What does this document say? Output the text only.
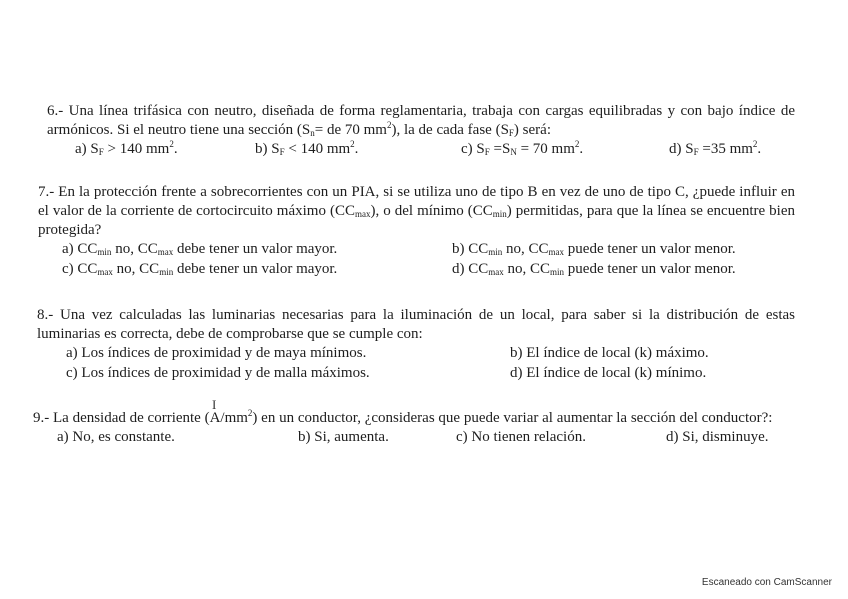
6.- Una línea trifásica con neutro, diseñada de forma reglamentaria, trabaja con cargas equilibradas y con bajo índice de armónicos. Si el neutro tiene una sección ($S_n=$ de 70 $mm^2$), la de cada fase $(S_F)$ será:
a) $S_F > 140$ $mm^2$.	b) $S_F < 140$ $mm^2$.	c) $S_F =S_N = 70$ $mm^2$.	d) $S_F =35$ $mm^2$.
7.- En la protección frente a sobrecorrientes con un PIA, si se utiliza uno de tipo B en vez de uno de tipo C, ¿puede influir en el valor de la corriente de cortocircuito máximo $(CC_{max})$, o del mínimo $(CC_{min})$ permitidas, para que la línea se encuentre bien protegida?
a) $CC_{min}$ no, $CC_{max}$ debe tener un valor mayor.	b) $CC_{min}$ no, $CC_{max}$ puede tener un valor menor.
c) $CC_{max}$ no, $CC_{min}$ debe tener un valor mayor.	d) $CC_{max}$ no, $CC_{min}$ puede tener un valor menor.
8.- Una vez calculadas las luminarias necesarias para la iluminación de un local, para saber si la distribución de estas luminarias es correcta, debe de comprobarse que se cumple con:
a) Los índices de proximidad y de maya mínimos.	b) El índice de local (k) máximo.
c) Los índices de proximidad y de malla máximos.	d) El índice de local (k) mínimo.
9.- La densidad de corriente $(A/mm^2)$ en un conductor, ¿consideras que puede variar al aumentar la sección del conductor?:
a) No, es constante.	b) Si, aumenta.	c) No tienen relación.	d) Si, disminuye.
I
Escaneado con CamScanner
